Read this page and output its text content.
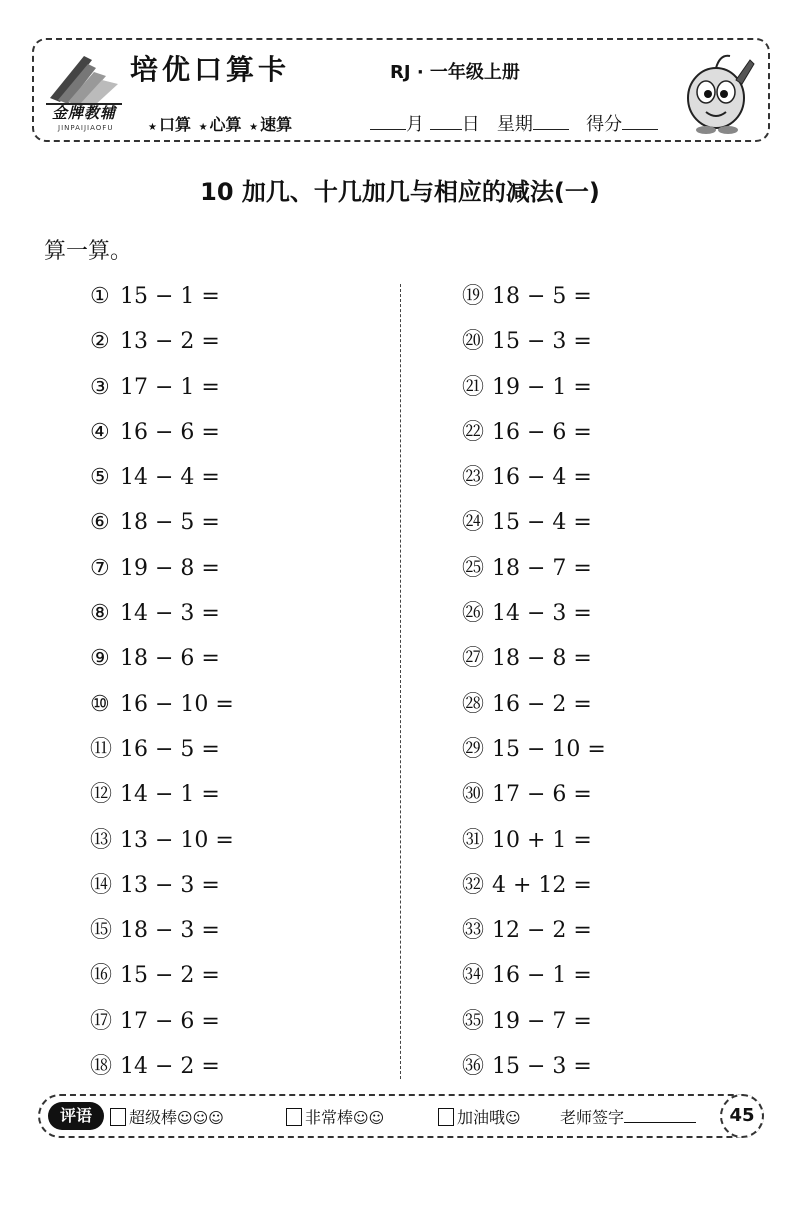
金牌教辅
JINPAIJIAOFU
培优口算卡	RJ · 一年级上册
★ 口算 ★ 心算 ★ 速算	月 日 星期	得分
10 加几、十几加几与相应的减法(一)
算一算。
① 15 − 1 =
② 13 − 2 =
③ 17 − 1 =
④ 16 − 6 =
⑤ 14 − 4 =
⑥ 18 − 5 =
⑦ 19 − 8 =
⑧ 14 − 3 =
⑨ 18 − 6 =
⑩ 16 − 10 =
⑪ 16 − 5 =
⑫ 14 − 1 =
⑬ 13 − 10 =
⑭ 13 − 3 =
⑮ 18 − 3 =
⑯ 15 − 2 =
⑰ 17 − 6 =
⑱ 14 − 2 =
⑲ 18 − 5 =
⑳ 15 − 3 =
㉑ 19 − 1 =
㉒ 16 − 6 =
㉓ 16 − 4 =
㉔ 15 − 4 =
㉕ 18 − 7 =
㉖ 14 − 3 =
㉗ 18 − 8 =
㉘ 16 − 2 =
㉙ 15 − 10 =
㉚ 17 − 6 =
㉛ 10 + 1 =
㉜ 4 + 12 =
㉝ 12 − 2 =
㉞ 16 − 1 =
㉟ 19 − 7 =
㊱ 15 − 3 =
评语	超级棒☺☺☺	非常棒☺☺	加油哦☺ 老师签字	45
